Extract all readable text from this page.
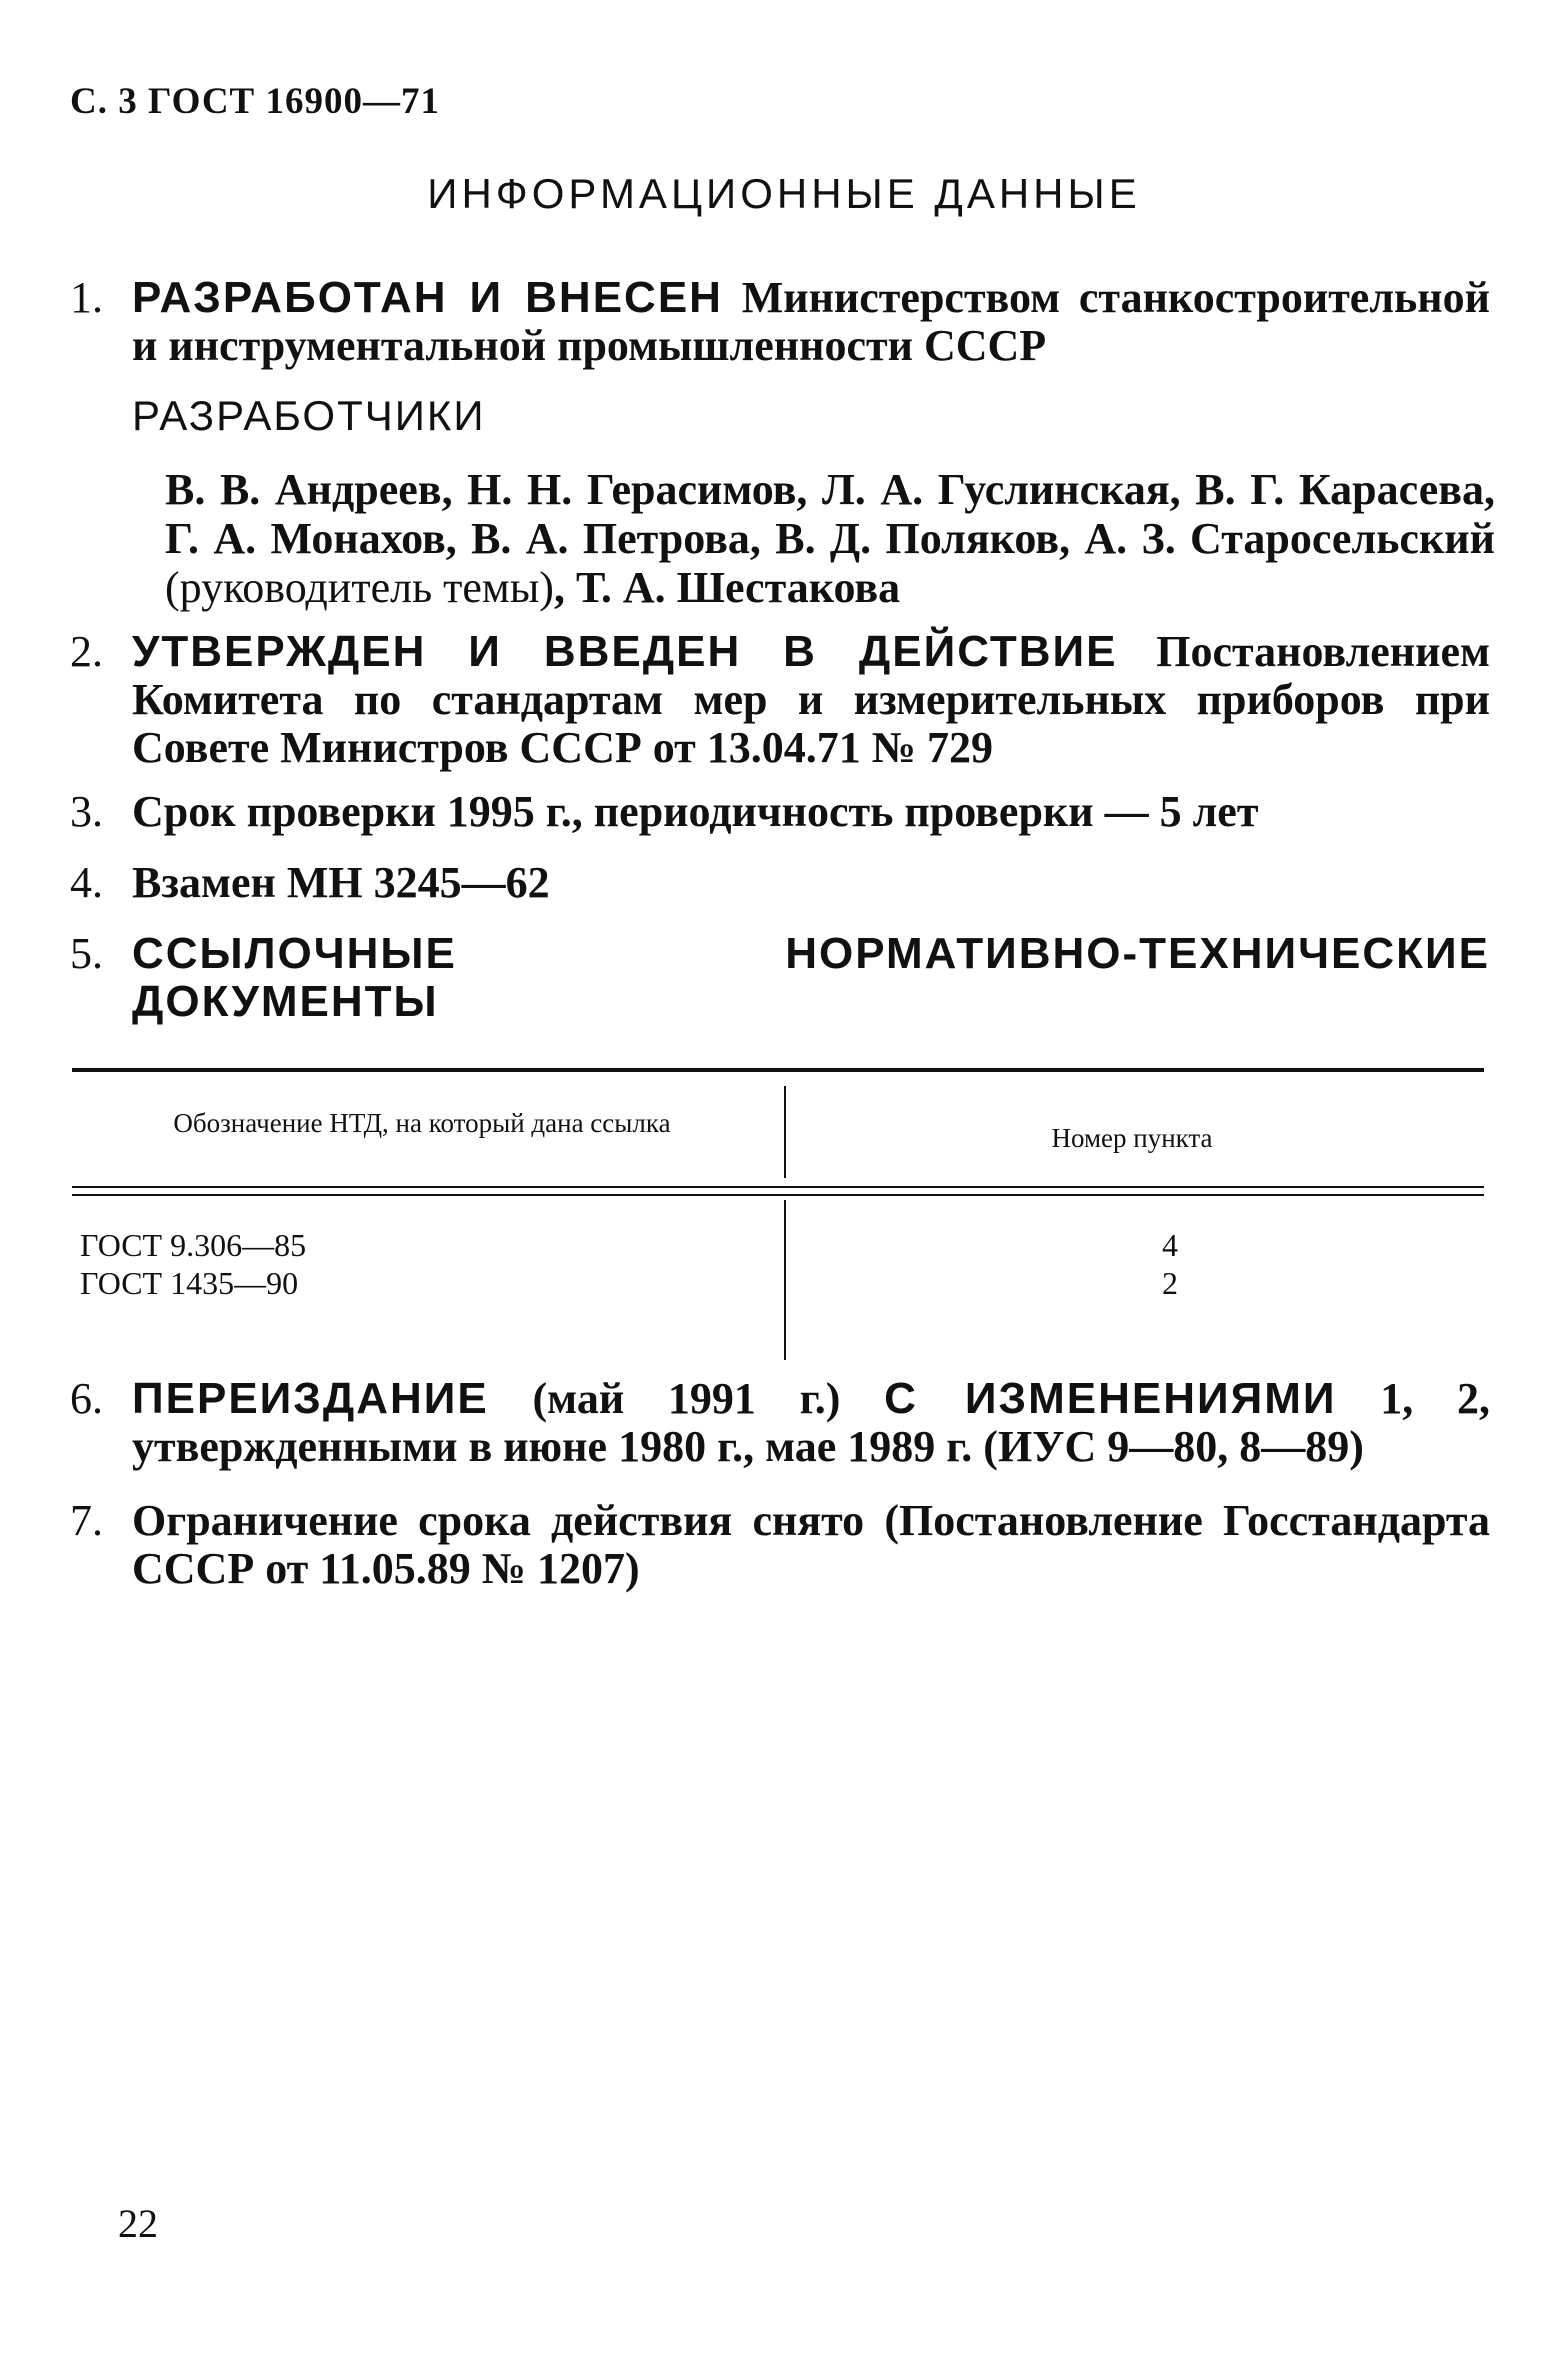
С. 3 ГОСТ 16900—71
ИНФОРМАЦИОННЫЕ ДАННЫЕ
1. РАЗРАБОТАН И ВНЕСЕН Министерством станкостроительной и инструментальной промышленности СССР
РАЗРАБОТЧИКИ
В. В. Андреев, Н. Н. Герасимов, Л. А. Гуслинская, В. Г. Карасева, Г. А. Монахов, В. А. Петрова, В. Д. Поляков, А. З. Старосельский (руководитель темы), Т. А. Шестакова
2. УТВЕРЖДЕН И ВВЕДЕН В ДЕЙСТВИЕ Постановлением Комитета по стандартам мер и измерительных приборов при Совете Министров СССР от 13.04.71 № 729
3. Срок проверки 1995 г., периодичность проверки — 5 лет
4. Взамен МН 3245—62
5. ССЫЛОЧНЫЕ НОРМАТИВНО-ТЕХНИЧЕСКИЕ ДОКУМЕНТЫ
Обозначение НТД, на который дана ссылка	Номер пункта
ГОСТ 9.306—85	4
ГОСТ 1435—90	2
6. ПЕРЕИЗДАНИЕ (май 1991 г.) С ИЗМЕНЕНИЯМИ 1, 2, утвержденными в июне 1980 г., мае 1989 г. (ИУС 9—80, 8—89)
7. Ограничение срока действия снято (Постановление Госстандарта СССР от 11.05.89 № 1207)
22
